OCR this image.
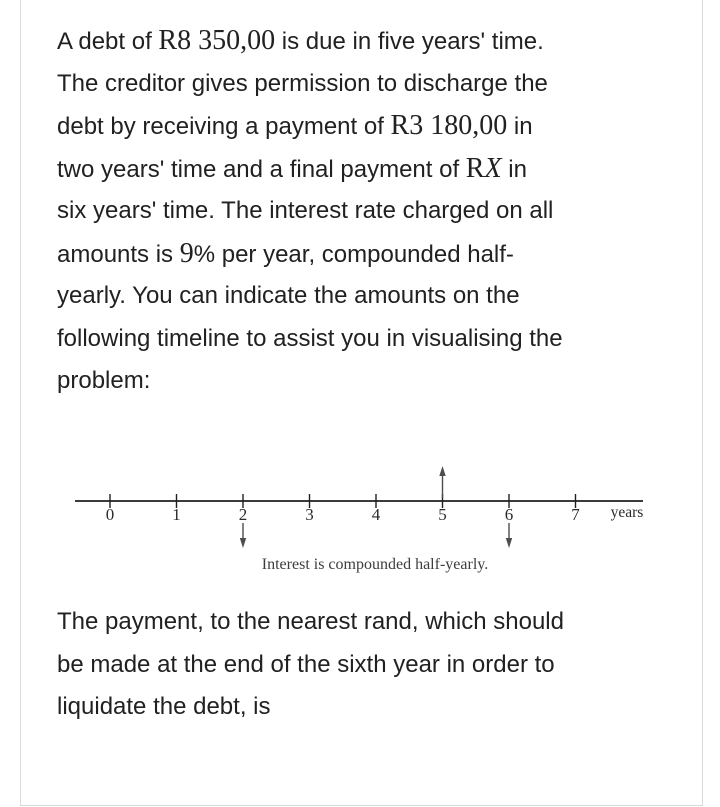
A debt of R8 350,00 is due in five years' time.
The creditor gives permission to discharge the
debt by receiving a payment of R3 180,00 in
two years' time and a final payment of RX in
six years' time. The interest rate charged on all
amounts is 9% per year, compounded half-
yearly. You can indicate the amounts on the
following timeline to assist you in visualising the
problem:
0	1	2	3	4	5	6	7 years
Interest is compounded half-yearly.
The payment, to the nearest rand, which should
be made at the end of the sixth year in order to
liquidate the debt, is
